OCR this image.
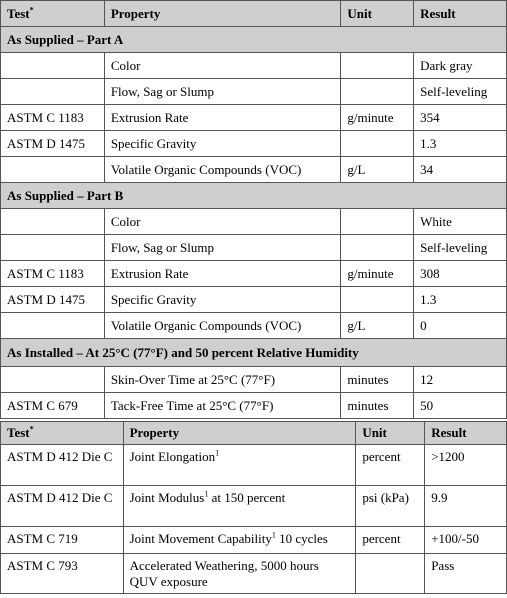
Test*	Property	Unit	Result
As Supplied – Part A			
	Color		Dark gray
	Flow, Sag or Slump		Self-leveling
ASTM C 1183	Extrusion Rate	g/minute	354
ASTM D 1475	Specific Gravity		1.3
	Volatile Organic Compounds (VOC)	g/L	34
As Supplied – Part B			
	Color		White
	Flow, Sag or Slump		Self-leveling
ASTM C 1183	Extrusion Rate	g/minute	308
ASTM D 1475	Specific Gravity		1.3
	Volatile Organic Compounds (VOC)	g/L	0
As Installed – At 25°C (77°F) and 50 percent Relative Humidity			
	Skin-Over Time at 25°C (77°F)	minutes	12
ASTM C 679	Tack-Free Time at 25°C (77°F)	minutes	50
Test*	Property	Unit	Result
ASTM D 412 Die C	Joint Elongation$^1$	percent	>1200
ASTM D 412 Die C	Joint Modulus$^1$ at 150 percent	psi (kPa)	9.9
ASTM C 719	Joint Movement Capability$^1$ 10 cycles	percent	+100/-50
ASTM C 793	Accelerated Weathering, 5000 hours QUV exposure		Pass
